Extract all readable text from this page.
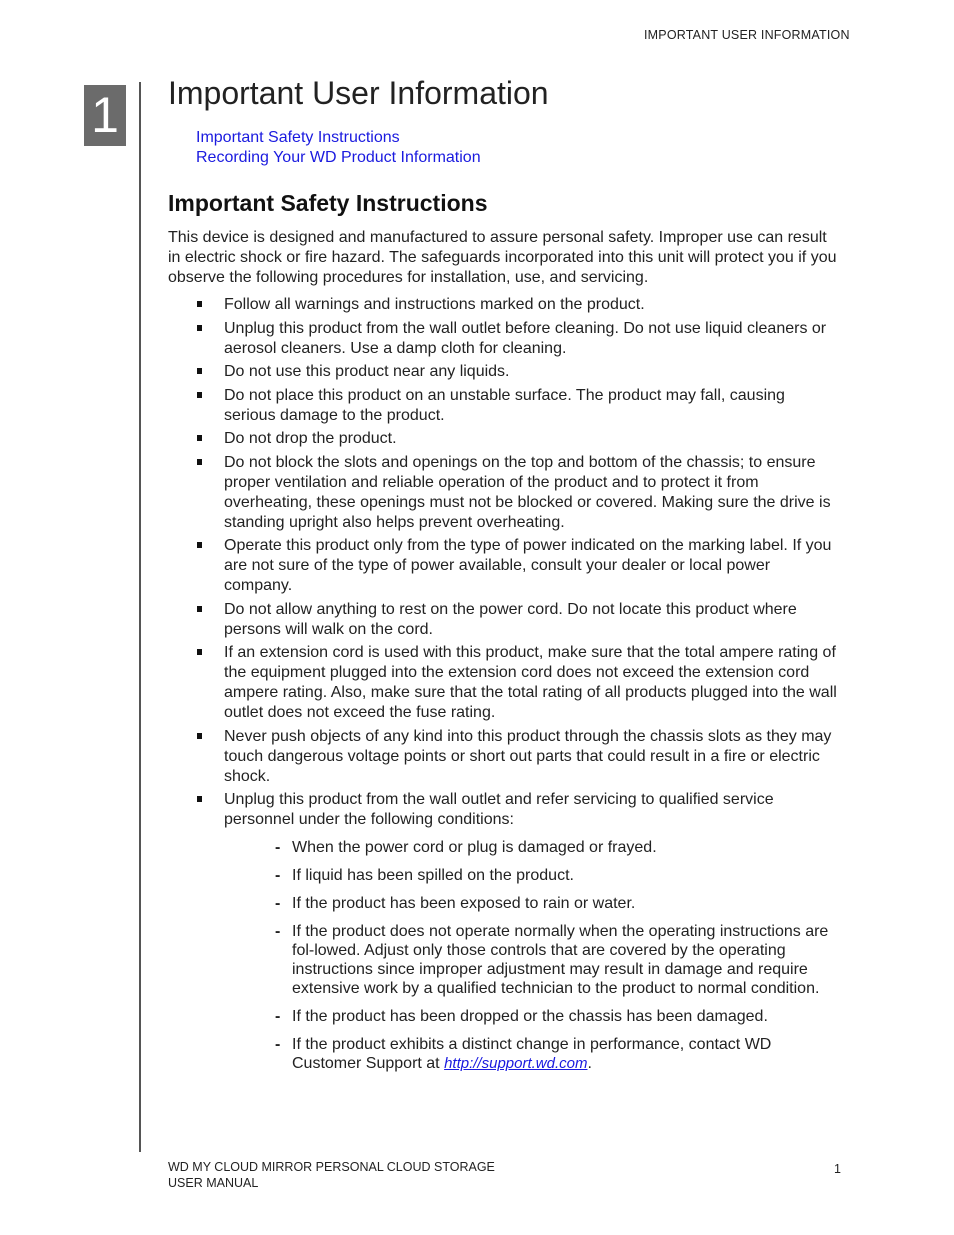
IMPORTANT USER INFORMATION
1 Important User Information
Important Safety Instructions
Recording Your WD Product Information
Important Safety Instructions

This device is designed and manufactured to assure personal safety. Improper use can result in electric shock or fire hazard. The safeguards incorporated into this unit will protect you if you observe the following procedures for installation, use, and servicing.

Follow all warnings and instructions marked on the product.
Unplug this product from the wall outlet before cleaning. Do not use liquid cleaners or aerosol cleaners. Use a damp cloth for cleaning.
Do not use this product near any liquids.
Do not place this product on an unstable surface. The product may fall, causing serious damage to the product.
Do not drop the product.
Do not block the slots and openings on the top and bottom of the chassis; to ensure proper ventilation and reliable operation of the product and to protect it from overheating, these openings must not be blocked or covered. Making sure the drive is standing upright also helps prevent overheating.
Operate this product only from the type of power indicated on the marking label. If you are not sure of the type of power available, consult your dealer or local power company.
Do not allow anything to rest on the power cord. Do not locate this product where persons will walk on the cord.
If an extension cord is used with this product, make sure that the total ampere rating of the equipment plugged into the extension cord does not exceed the extension cord ampere rating. Also, make sure that the total rating of all products plugged into the wall outlet does not exceed the fuse rating.
Never push objects of any kind into this product through the chassis slots as they may touch dangerous voltage points or short out parts that could result in a fire or electric shock.
Unplug this product from the wall outlet and refer servicing to qualified service personnel under the following conditions:
- When the power cord or plug is damaged or frayed.
- If liquid has been spilled on the product.
- If the product has been exposed to rain or water.
- If the product does not operate normally when the operating instructions are fol-lowed. Adjust only those controls that are covered by the operating instructions since improper adjustment may result in damage and require extensive work by a qualified technician to the product to normal condition.
- If the product has been dropped or the chassis has been damaged.
- If the product exhibits a distinct change in performance, contact WD Customer Support at http://support.wd.com.
WD MY CLOUD MIRROR PERSONAL CLOUD STORAGE
USER MANUAL
1
